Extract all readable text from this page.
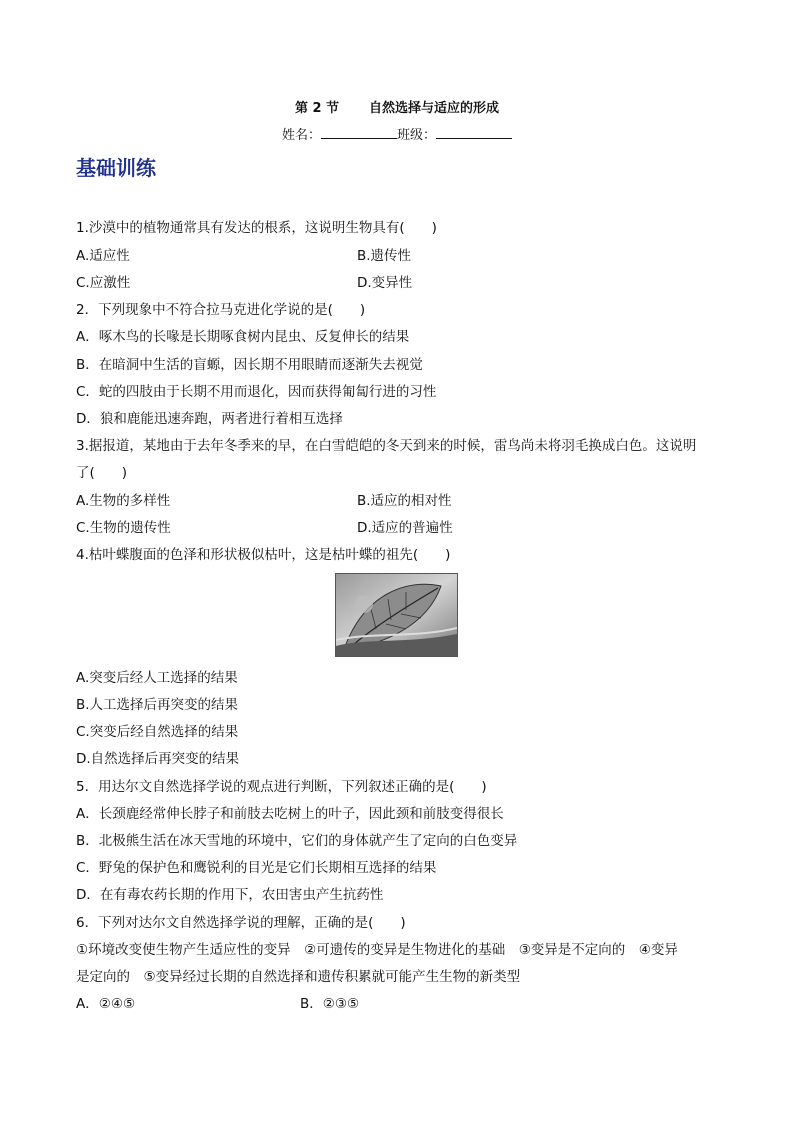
第 2 节 自然选择与适应的形成
姓名：	班级：
基础训练
1.沙漠中的植物通常具有发达的根系，这说明生物具有(　　)
A.适应性	B.遗传性
C.应激性	D.变异性
2．下列现象中不符合拉马克进化学说的是(　　)
A．啄木鸟的长喙是长期啄食树内昆虫、反复伸长的结果
B．在暗洞中生活的盲螈，因长期不用眼睛而逐渐失去视觉
C．蛇的四肢由于长期不用而退化，因而获得匍匐行进的习性
D．狼和鹿能迅速奔跑，两者进行着相互选择
3.据报道，某地由于去年冬季来的早，在白雪皑皑的冬天到来的时候，雷鸟尚未将羽毛换成白色。这说明
了(　　)
A.生物的多样性	B.适应的相对性
C.生物的遗传性	D.适应的普遍性
4.枯叶蝶腹面的色泽和形状极似枯叶，这是枯叶蝶的祖先(　　)
A.突变后经人工选择的结果
B.人工选择后再突变的结果
C.突变后经自然选择的结果
D.自然选择后再突变的结果
5．用达尔文自然选择学说的观点进行判断，下列叙述正确的是(　　)
A．长颈鹿经常伸长脖子和前肢去吃树上的叶子，因此颈和前肢变得很长
B．北极熊生活在冰天雪地的环境中，它们的身体就产生了定向的白色变异
C．野兔的保护色和鹰锐利的目光是它们长期相互选择的结果
D．在有毒农药长期的作用下，农田害虫产生抗药性
6．下列对达尔文自然选择学说的理解，正确的是(　　)
①环境改变使生物产生适应性的变异　②可遗传的变异是生物进化的基础　③变异是不定向的　④变异
是定向的　⑤变异经过长期的自然选择和遗传积累就可能产生生物的新类型
A．②④⑤	B．②③⑤
